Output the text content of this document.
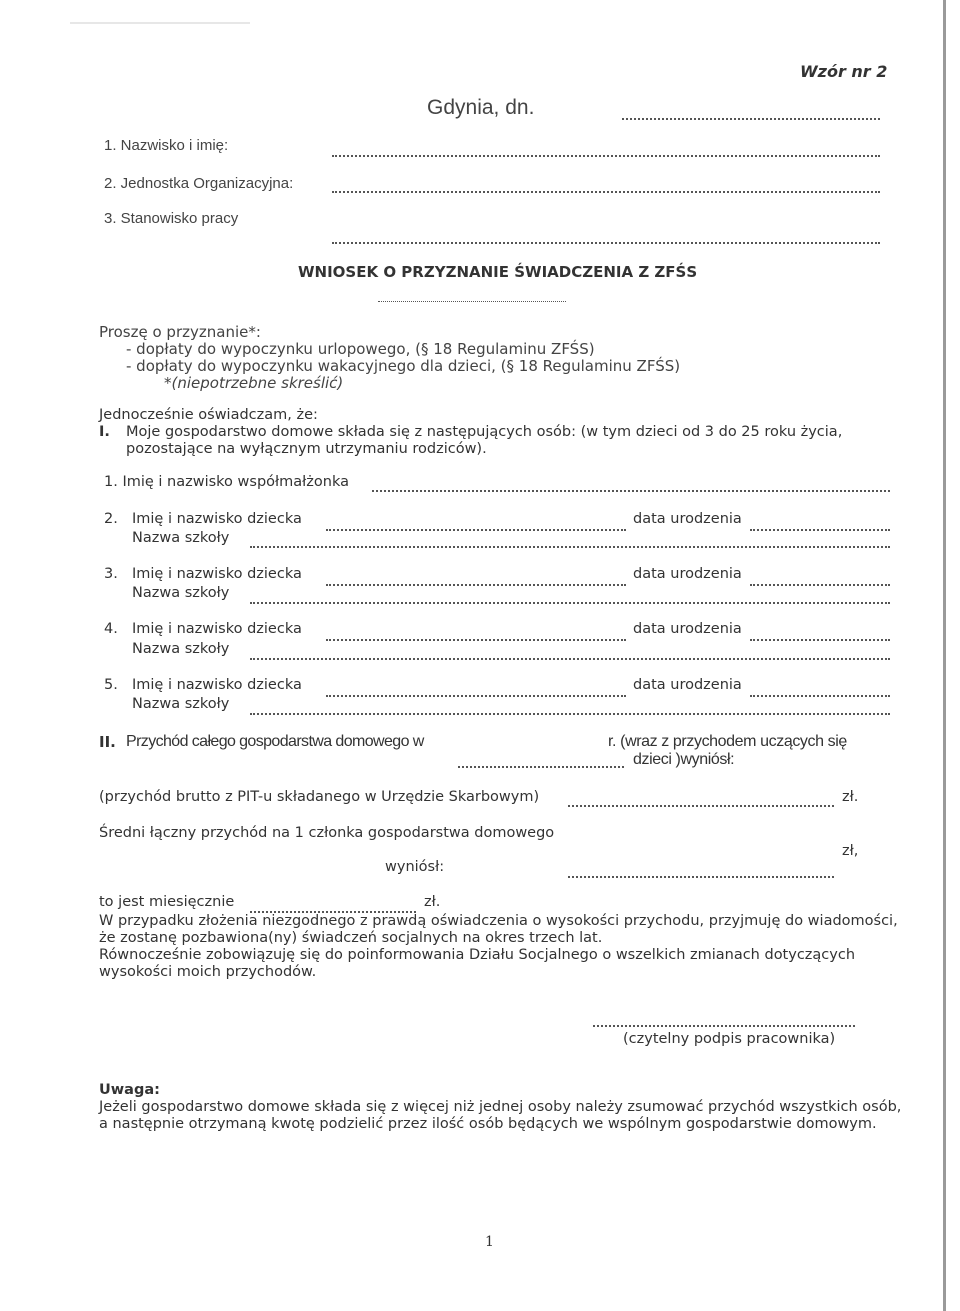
Wzór nr 2
Gdynia, dn.
1. Nazwisko i imię:
2. Jednostka Organizacyjna:
3. Stanowisko pracy
WNIOSEK O PRZYZNANIE ŚWIADCZENIA Z ZFŚS
Proszę o przyznanie*:
- dopłaty do wypoczynku urlopowego, (§ 18 Regulaminu ZFŚS)
- dopłaty do wypoczynku wakacyjnego dla dzieci, (§ 18 Regulaminu ZFŚS)
*(niepotrzebne skreślić)
Jednocześnie oświadczam, że:
I. Moje gospodarstwo domowe składa się z następujących osób: (w tym dzieci od 3 do 25 roku życia,
pozostające na wyłącznym utrzymaniu rodziców).
1. Imię i nazwisko współmałżonka
2. Imię i nazwisko dziecka	data urodzenia
Nazwa szkoły
3. Imię i nazwisko dziecka	data urodzenia
Nazwa szkoły
4. Imię i nazwisko dziecka	data urodzenia
Nazwa szkoły
5. Imię i nazwisko dziecka	data urodzenia
Nazwa szkoły
II. Przychód całego gospodarstwa domowego w	r. (wraz z przychodem uczących się
dzieci )wyniósł:
(przychód brutto z PIT-u składanego w Urzędzie Skarbowym)	zł.
Średni łączny przychód na 1 członka gospodarstwa domowego
zł,
wyniósł:
to jest miesięcznie	zł.
W przypadku złożenia niezgodnego z prawdą oświadczenia o wysokości przychodu, przyjmuję do wiadomości,
że zostanę pozbawiona(ny) świadczeń socjalnych na okres trzech lat.
Równocześnie zobowiązuję się do poinformowania Działu Socjalnego o wszelkich zmianach dotyczących
wysokości moich przychodów.
(czytelny podpis pracownika)
Uwaga:
Jeżeli gospodarstwo domowe składa się z więcej niż jednej osoby należy zsumować przychód wszystkich osób,
a następnie otrzymaną kwotę podzielić przez ilość osób będących we wspólnym gospodarstwie domowym.
1
